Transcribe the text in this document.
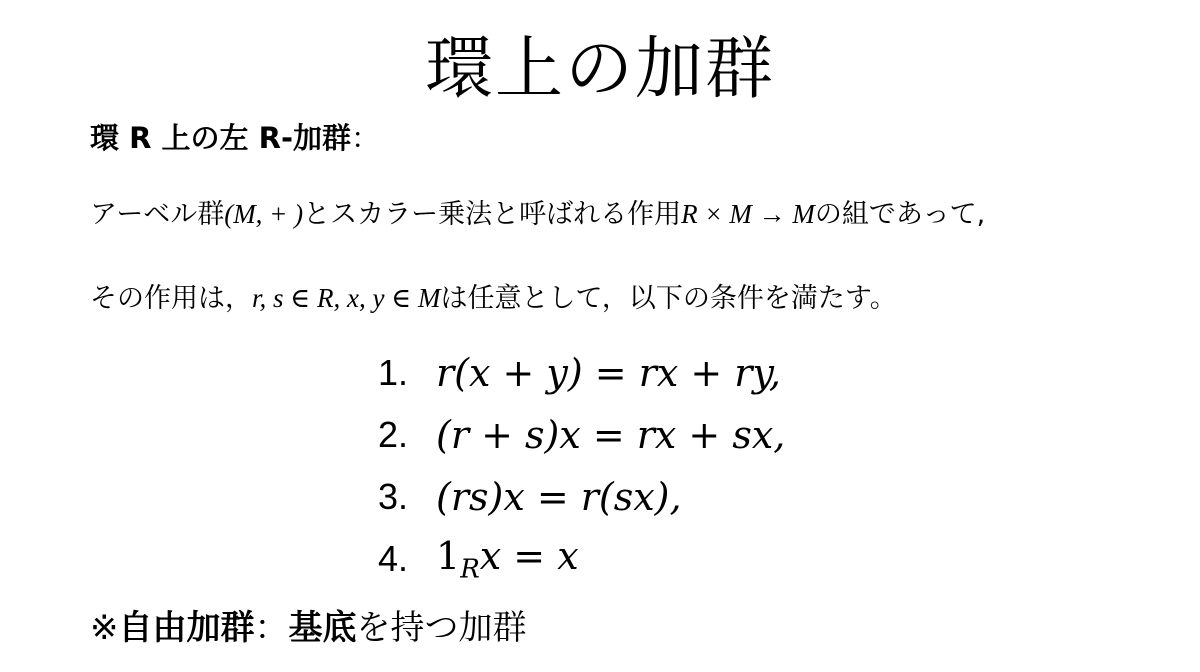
環上の加群
環 R 上の左 R-加群：
アーベル群(M, + )とスカラー乗法と呼ばれる作用R × M → Mの組であって,
その作用は，r, s ∈ R, x, y ∈ Mは任意として，以下の条件を満たす。
1. r(x + y) = rx + ry,
2. (r + s)x = rx + sx,
3. (rs)x = r(sx),
4. $1_Rx = x$
※自由加群：基底を持つ加群
